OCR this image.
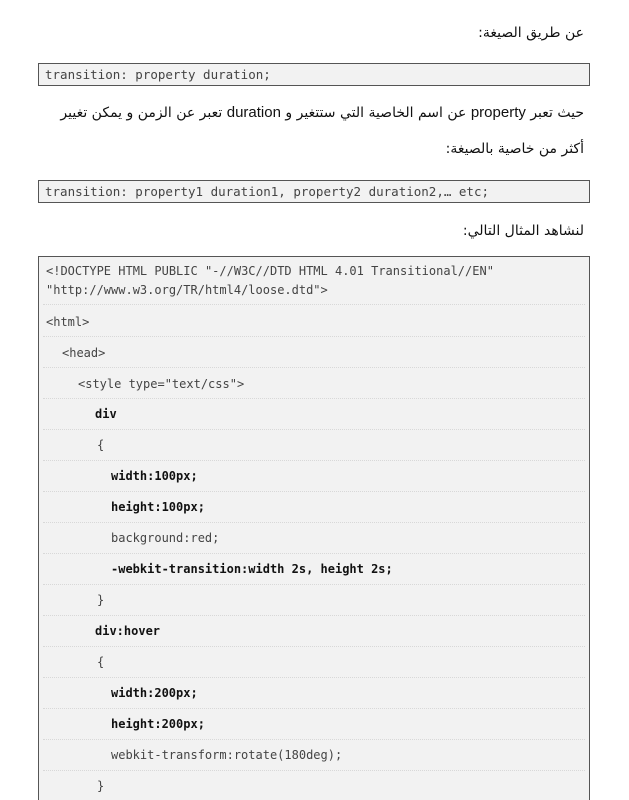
عن طريق الصيغة:
transition: property duration;
حيث تعبر property عن اسم الخاصية التي ستتغير و duration تعبر عن الزمن و يمكن تغيير
أكثر من خاصية بالصيغة:
transition: property1 duration1, property2 duration2,… etc;
لنشاهد المثال التالي:
<!DOCTYPE HTML PUBLIC "-//W3C//DTD HTML 4.01 Transitional//EN"
"http://www.w3.org/TR/html4/loose.dtd">
<html>
<head>
<style type="text/css">
div
{
width:100px;
height:100px;
background:red;
-webkit-transition:width 2s, height 2s;
}
div:hover
{
width:200px;
height:200px;
webkit-transform:rotate(180deg);
}
